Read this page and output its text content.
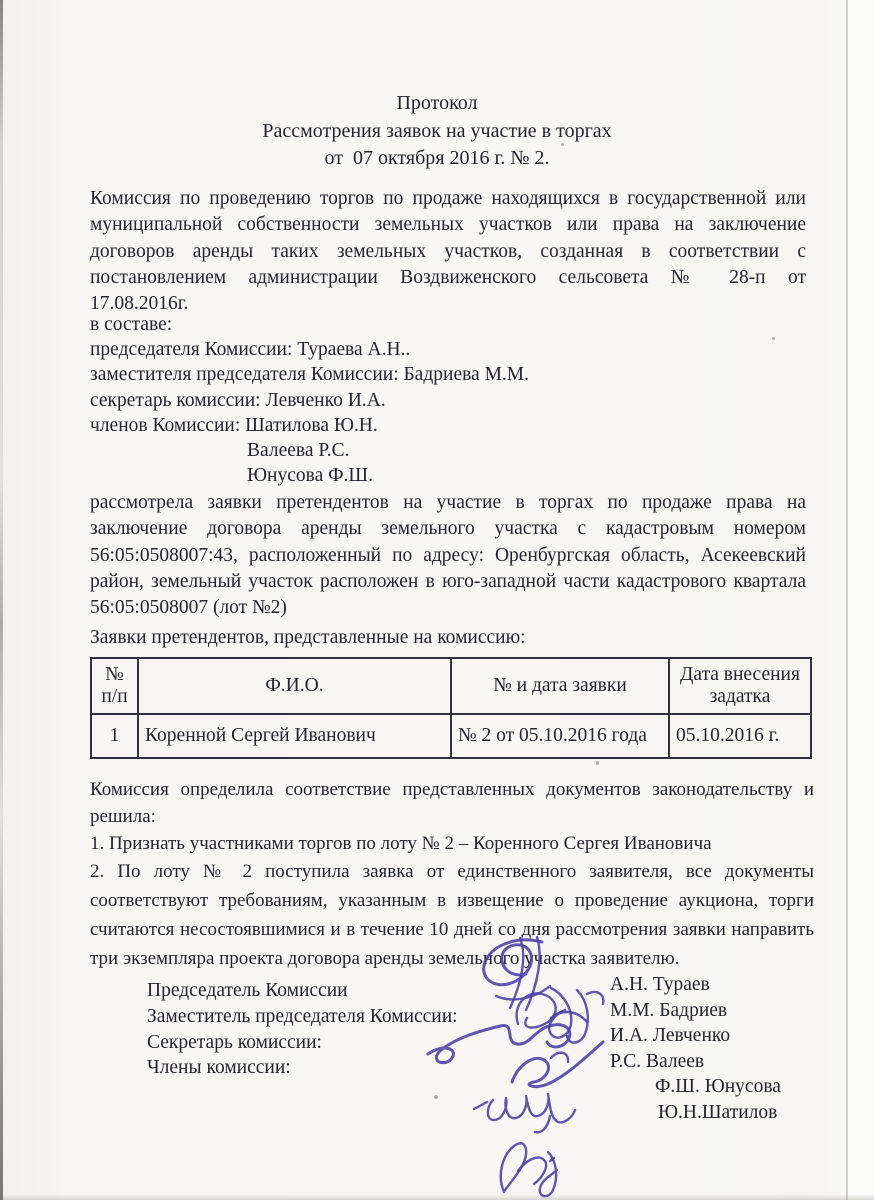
Протокол
Рассмотрения заявок на участие в торгах
от  07 октября 2016 г. № 2.
Комиссия по проведению торгов по продаже находящихся в государственной или
муниципальной собственности земельных участков или права на заключение
договоров аренды таких земельных участков, созданная в соответствии с
постановлением администрации Воздвиженского сельсовета № 28-п от
17.08.2016г.
в составе:
председателя Комиссии: Тураева А.Н..
заместителя председателя Комиссии: Бадриева М.М.
секретарь комиссии: Левченко И.А.
членов Комиссии: Шатилова Ю.Н.
Валеева Р.С.
Юнусова Ф.Ш.
рассмотрела заявки претендентов на участие в торгах по продаже права на
заключение договора аренды земельного участка с кадастровым номером
56:05:0508007:43, расположенный по адресу: Оренбургская область, Асекеевский
район, земельный участок расположен в юго-западной части кадастрового квартала
56:05:0508007 (лот №2)
Заявки претендентов, представленные на комиссию:
№ п/п	Ф.И.О.	№ и дата заявки	Дата внесения задатка
1	Коренной Сергей Иванович	№ 2 от 05.10.2016 года	05.10.2016 г.
Комиссия определила соответствие представленных документов законодательству и
решила:
1. Признать участниками торгов по лоту № 2 – Коренного Сергея Ивановича
2. По лоту № 2 поступила заявка от единственного заявителя, все документы
соответствуют требованиям, указанным в извещение о проведение аукциона, торги
считаются несостоявшимися и в течение 10 дней со дня рассмотрения заявки направить
три экземпляра проекта договора аренды земельного участка заявителю.
Председатель Комиссии
Заместитель председателя Комиссии:
Секретарь комиссии:
Члены комиссии:
А.Н. Тураев
М.М. Бадриев
И.А. Левченко
Р.С. Валеев
Ф.Ш. Юнусова
Ю.Н.Шатилов
